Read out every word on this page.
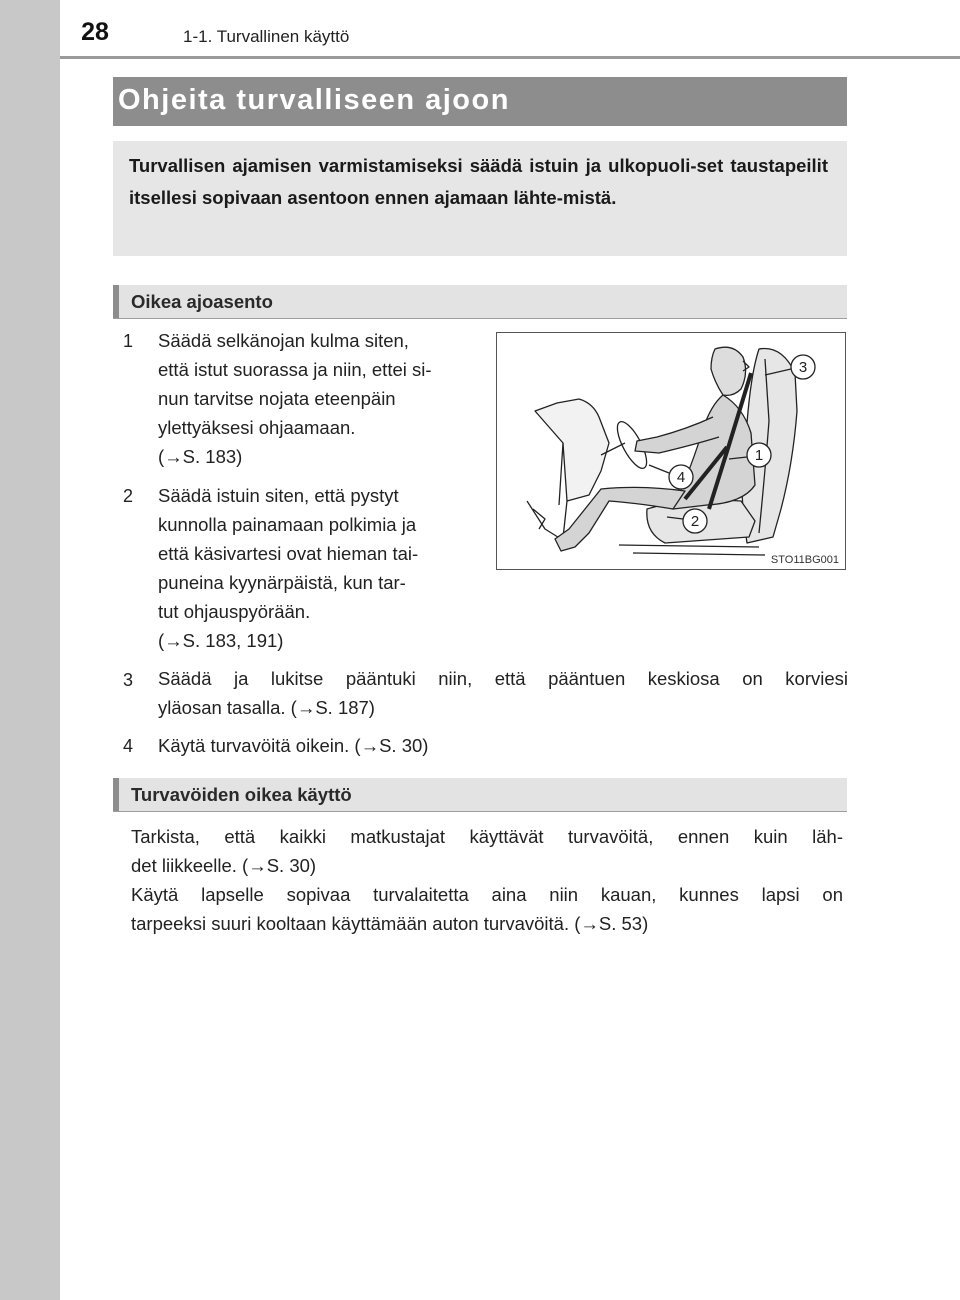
28	1-1. Turvallinen käyttö
Ohjeita turvalliseen ajoon
Turvallisen ajamisen varmistamiseksi säädä istuin ja ulkopuoli-set taustapeilit itsellesi sopivaan asentoon ennen ajamaan lähte-mistä.
Oikea ajoasento
1	Säädä selkänojan kulma siten,
että istut suorassa ja niin, ettei si-
nun tarvitse nojata eteenpäin
ylettyäksesi ohjaamaan.
(→S. 183)
2	Säädä istuin siten, että pystyt
kunnolla painamaan polkimia ja
että käsivartesi ovat hieman tai-
puneina kyynärpäistä, kun tar-
tut ohjauspyörään.
(→S. 183, 191)
3
1
4
2
STO11BG001
3	Säädä ja lukitse pääntuki niin, että pääntuen keskiosa on korviesi
yläosan tasalla. (→S. 187)
4	Käytä turvavöitä oikein. (→S. 30)
Turvavöiden oikea käyttö
Tarkista, että kaikki matkustajat käyttävät turvavöitä, ennen kuin läh-
det liikkeelle. (→S. 30)
Käytä lapselle sopivaa turvalaitetta aina niin kauan, kunnes lapsi on
tarpeeksi suuri kooltaan käyttämään auton turvavöitä. (→S. 53)
